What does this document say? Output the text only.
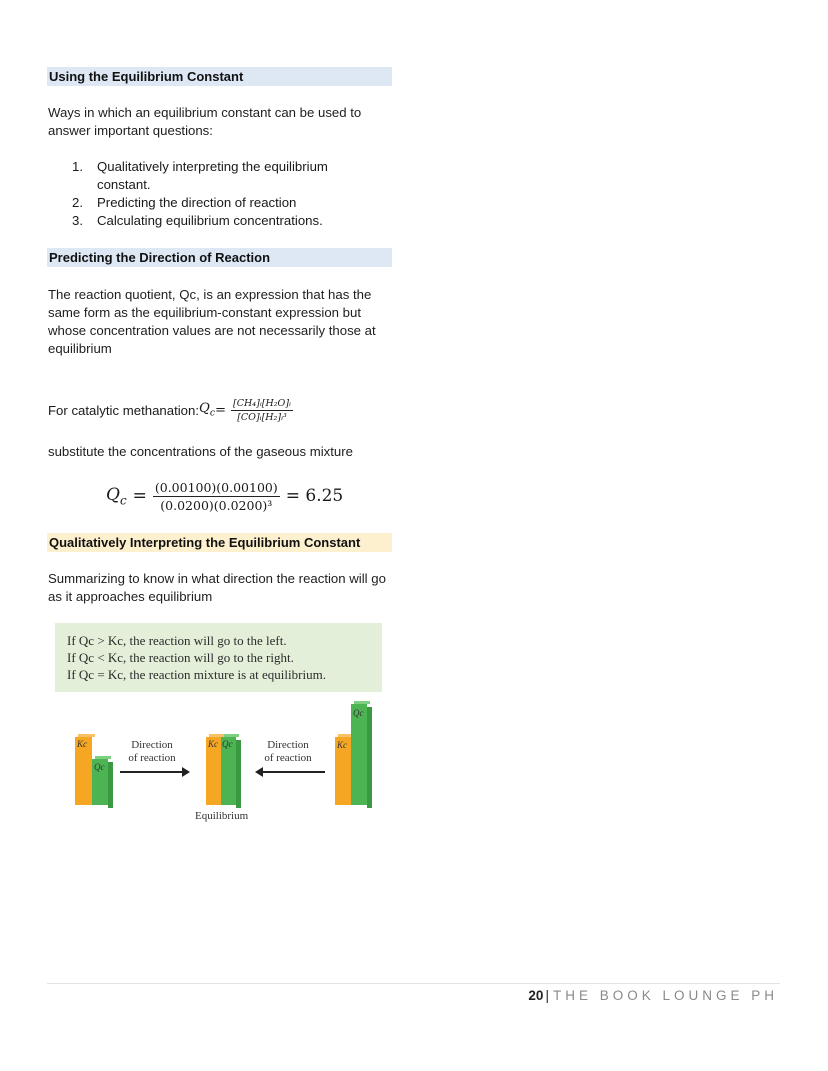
Using the Equilibrium Constant
Ways in which an equilibrium constant can be used to answer important questions:
1. Qualitatively interpreting the equilibrium constant.
2. Predicting the direction of reaction
3. Calculating equilibrium concentrations.
Predicting the Direction of Reaction
The reaction quotient, Qc, is an expression that has the same form as the equilibrium-constant expression but whose concentration values are not necessarily those at equilibrium
For catalytic methanation: $Q_c = \frac{\text{[CH₄]ᵢ[H₂O]ᵢ}}{\text{[CO]ᵢ[H₂]ᵢ³}}$
substitute the concentrations of the gaseous mixture
$Q_c = \frac{(0.00100)(0.00100)}{\text{(0.0200)(0.0200)³}} = 6.25$
Qualitatively Interpreting the Equilibrium Constant
Summarizing to know in what direction the reaction will go as it approaches equilibrium
If Qc > Kc, the reaction will go to the left.
If Qc < Kc, the reaction will go to the right.
If Qc = Kc, the reaction mixture is at equilibrium.
Kc
Qc
Direction
of reaction
Kc Qc
Equilibrium
Direction
of reaction
Kc
Qc
20 | THE BOOK LOUNGE PH
